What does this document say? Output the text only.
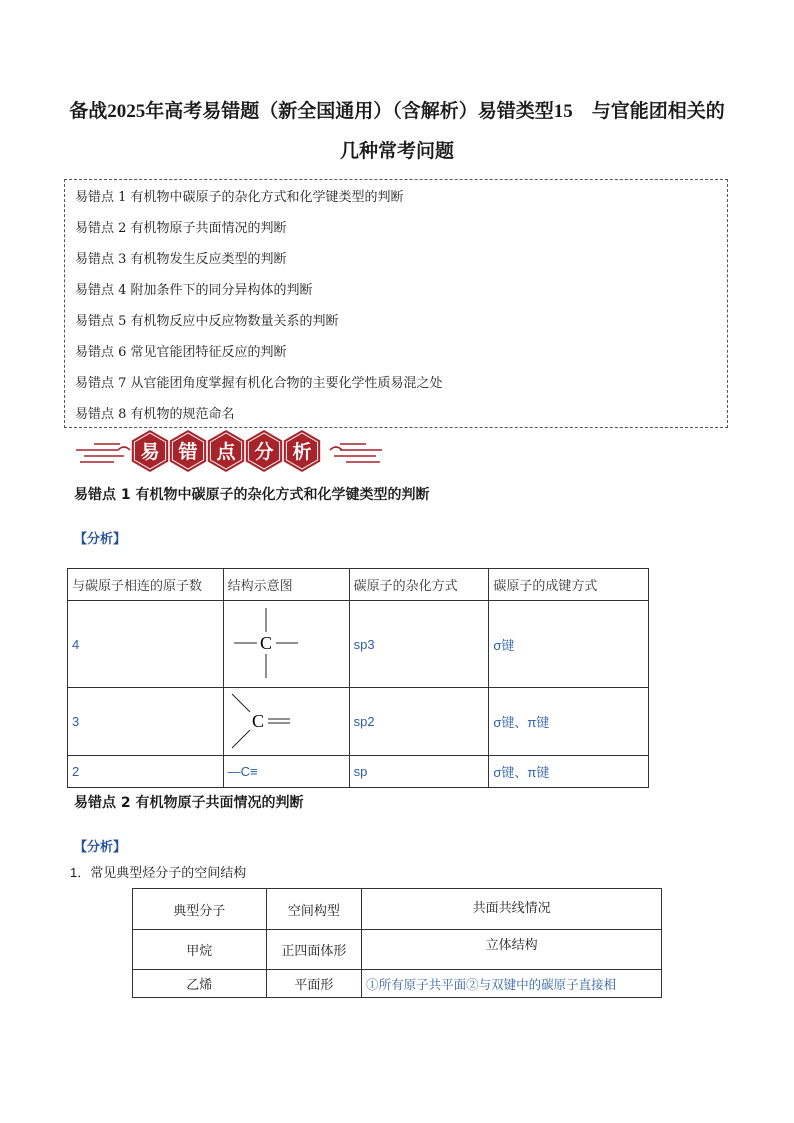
备战2025年高考易错题（新全国通用）（含解析）易错类型15　与官能团相关的几种常考问题
易错点 1 有机物中碳原子的杂化方式和化学键类型的判断
易错点 2 有机物原子共面情况的判断
易错点 3 有机物发生反应类型的判断
易错点 4 附加条件下的同分异构体的判断
易错点 5 有机物反应中反应物数量关系的判断
易错点 6 常见官能团特征反应的判断
易错点 7 从官能团角度掌握有机化合物的主要化学性质易混之处
易错点 8 有机物的规范命名
易 错 点 分 析
易错点 1 有机物中碳原子的杂化方式和化学键类型的判断
【分析】
与碳原子相连的原子数	结构示意图	碳原子的杂化方式	碳原子的成键方式
4	C	sp3	σ键
3	C	sp2	σ键、π键
2	—C≡	sp	σ键、π键
易错点 2 有机物原子共面情况的判断
【分析】
1．常见典型烃分子的空间结构
典型分子	空间构型	共面共线情况
甲烷	正四面体形	立体结构
乙烯	平面形	①所有原子共平面②与双键中的碳原子直接相
